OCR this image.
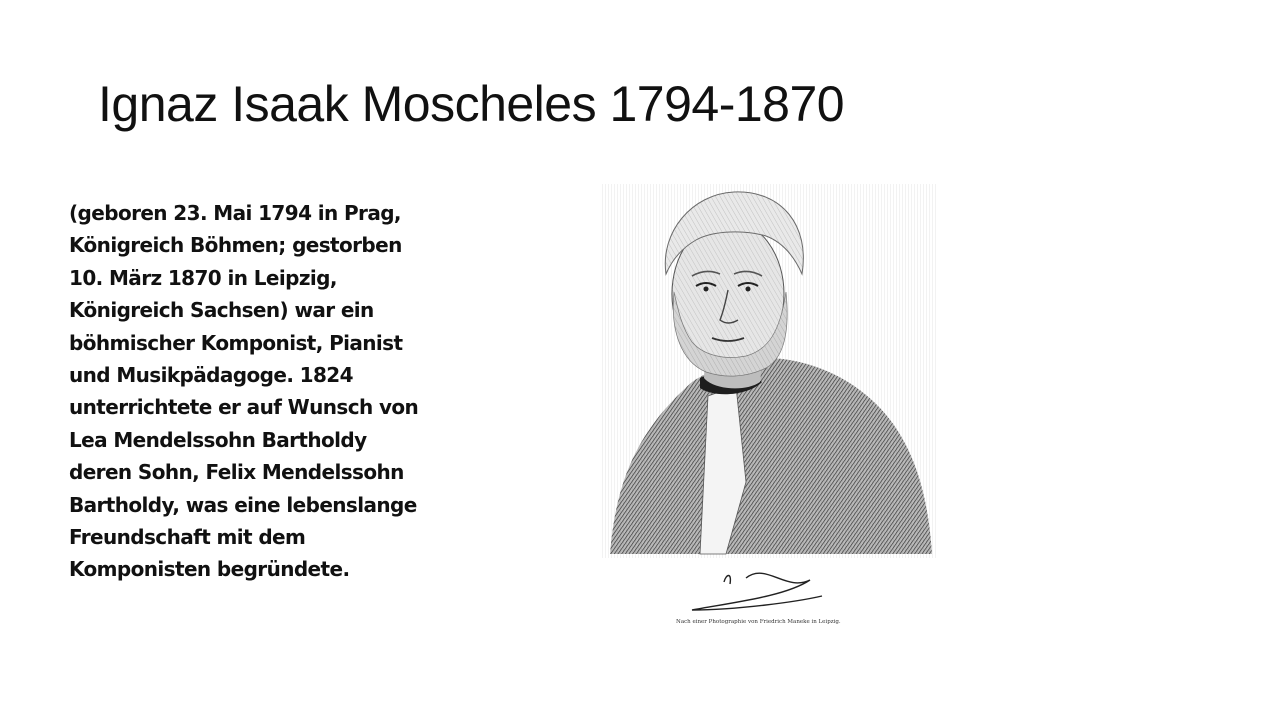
Ignaz Isaak Moscheles 1794-1870
(geboren 23. Mai 1794 in Prag,
Königreich Böhmen; gestorben
10. März 1870 in Leipzig,
Königreich Sachsen) war ein
böhmischer Komponist, Pianist
und Musikpädagoge. 1824
unterrichtete er auf Wunsch von
Lea Mendelssohn Bartholdy
deren Sohn, Felix Mendelssohn
Bartholdy, was eine lebenslange
Freundschaft mit dem
Komponisten begründete.
Nach einer Photographie von Friedrich Maneke in Leipzig.
